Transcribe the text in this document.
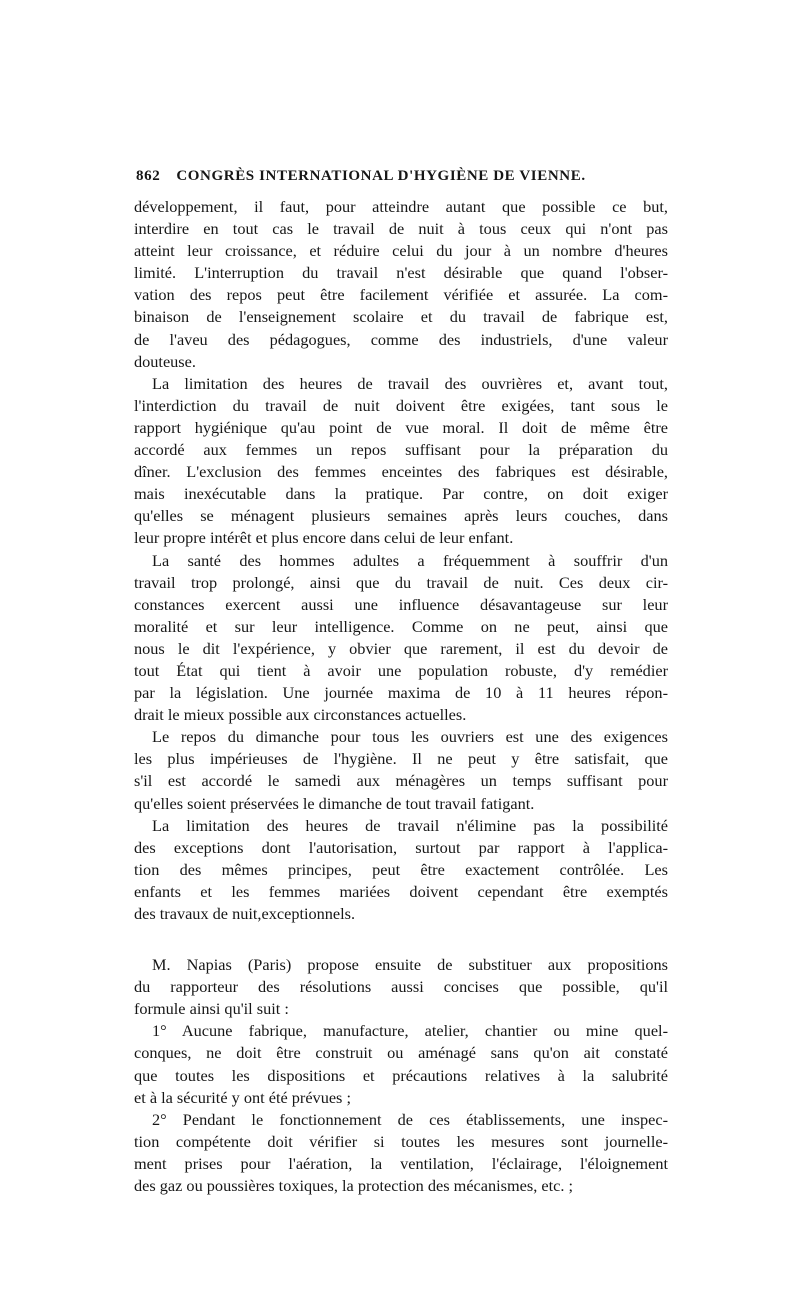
862 CONGRÈS INTERNATIONAL D'HYGIÈNE DE VIENNE.

développement, il faut, pour atteindre autant que possible ce but,
interdire en tout cas le travail de nuit à tous ceux qui n'ont pas
atteint leur croissance, et réduire celui du jour à un nombre d'heures
limité. L'interruption du travail n'est désirable que quand l'obser-
vation des repos peut être facilement vérifiée et assurée. La com-
binaison de l'enseignement scolaire et du travail de fabrique est,
de l'aveu des pédagogues, comme des industriels, d'une valeur
douteuse.

La limitation des heures de travail des ouvrières et, avant tout,
l'interdiction du travail de nuit doivent être exigées, tant sous le
rapport hygiénique qu'au point de vue moral. Il doit de même être
accordé aux femmes un repos suffisant pour la préparation du
dîner. L'exclusion des femmes enceintes des fabriques est désirable,
mais inexécutable dans la pratique. Par contre, on doit exiger
qu'elles se ménagent plusieurs semaines après leurs couches, dans
leur propre intérêt et plus encore dans celui de leur enfant.

La santé des hommes adultes a fréquemment à souffrir d'un
travail trop prolongé, ainsi que du travail de nuit. Ces deux cir-
constances exercent aussi une influence désavantageuse sur leur
moralité et sur leur intelligence. Comme on ne peut, ainsi que
nous le dit l'expérience, y obvier que rarement, il est du devoir de
tout État qui tient à avoir une population robuste, d'y remédier
par la législation. Une journée maxima de 10 à 11 heures répon-
drait le mieux possible aux circonstances actuelles.

Le repos du dimanche pour tous les ouvriers est une des exigences
les plus impérieuses de l'hygiène. Il ne peut y être satisfait, que
s'il est accordé le samedi aux ménagères un temps suffisant pour
qu'elles soient préservées le dimanche de tout travail fatigant.

La limitation des heures de travail n'élimine pas la possibilité
des exceptions dont l'autorisation, surtout par rapport à l'applica-
tion des mêmes principes, peut être exactement contrôlée. Les
enfants et les femmes mariées doivent cependant être exemptés
des travaux de nuit,exceptionnels.

M. Napias (Paris) propose ensuite de substituer aux propositions
du rapporteur des résolutions aussi concises que possible, qu'il
formule ainsi qu'il suit :

1° Aucune fabrique, manufacture, atelier, chantier ou mine quel-
conques, ne doit être construit ou aménagé sans qu'on ait constaté
que toutes les dispositions et précautions relatives à la salubrité
et à la sécurité y ont été prévues ;

2° Pendant le fonctionnement de ces établissements, une inspec-
tion compétente doit vérifier si toutes les mesures sont journelle-
ment prises pour l'aération, la ventilation, l'éclairage, l'éloignement
des gaz ou poussières toxiques, la protection des mécanismes, etc. ;
